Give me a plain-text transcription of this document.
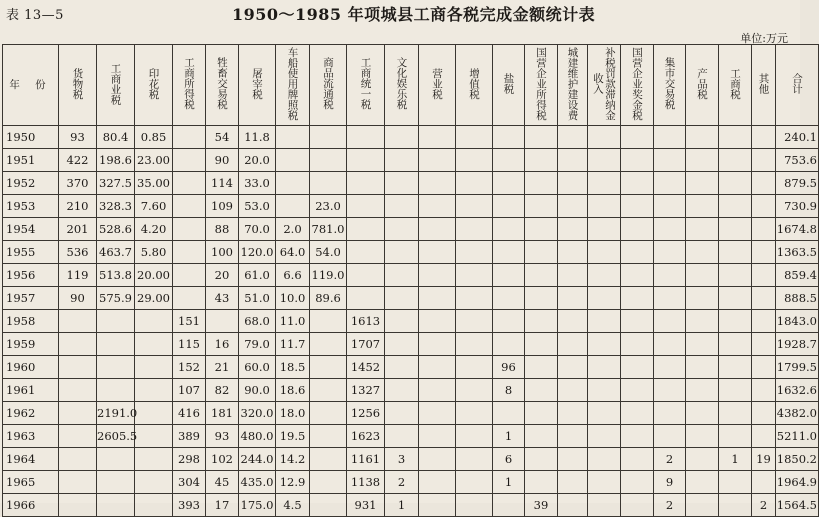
表 13—5	1950～1985 年项城县工商各税完成金额统计表
单位:万元
年 份	货物税	工商业税	印花税	工商所得税	牲畜交易税	屠宰税	车船使用牌照税	商品流通税	工商统一税	文化娱乐税	营业税	增值税	盐税	国营企业所得税	城建维护建设费	补税罚款滞纳金收入	国营企业奖金税	集市交易税	产品税	工商税	其他	合计
1950	93	80.4	0.85		54	11.8																240.1
1951	422	198.6	23.00		90	20.0																753.6
1952	370	327.5	35.00		114	33.0																879.5
1953	210	328.3	7.60		109	53.0		23.0														730.9
1954	201	528.6	4.20		88	70.0	2.0	781.0														1674.8
1955	536	463.7	5.80		100	120.0	64.0	54.0														1363.5
1956	119	513.8	20.00		20	61.0	6.6	119.0														859.4
1957	90	575.9	29.00		43	51.0	10.0	89.6														888.5
1958				151		68.0	11.0		1613													1843.0
1959				115	16	79.0	11.7		1707													1928.7
1960				152	21	60.0	18.5		1452				96									1799.5
1961				107	82	90.0	18.6		1327				8									1632.6
1962		2191.0		416	181	320.0	18.0		1256													4382.0
1963		2605.5		389	93	480.0	19.5		1623				1									5211.0
1964				298	102	244.0	14.2		1161	3			6					2		1	19	1850.2
1965				304	45	435.0	12.9		1138	2			1					9				1964.9
1966				393	17	175.0	4.5		931	1				39				2			2	1564.5
